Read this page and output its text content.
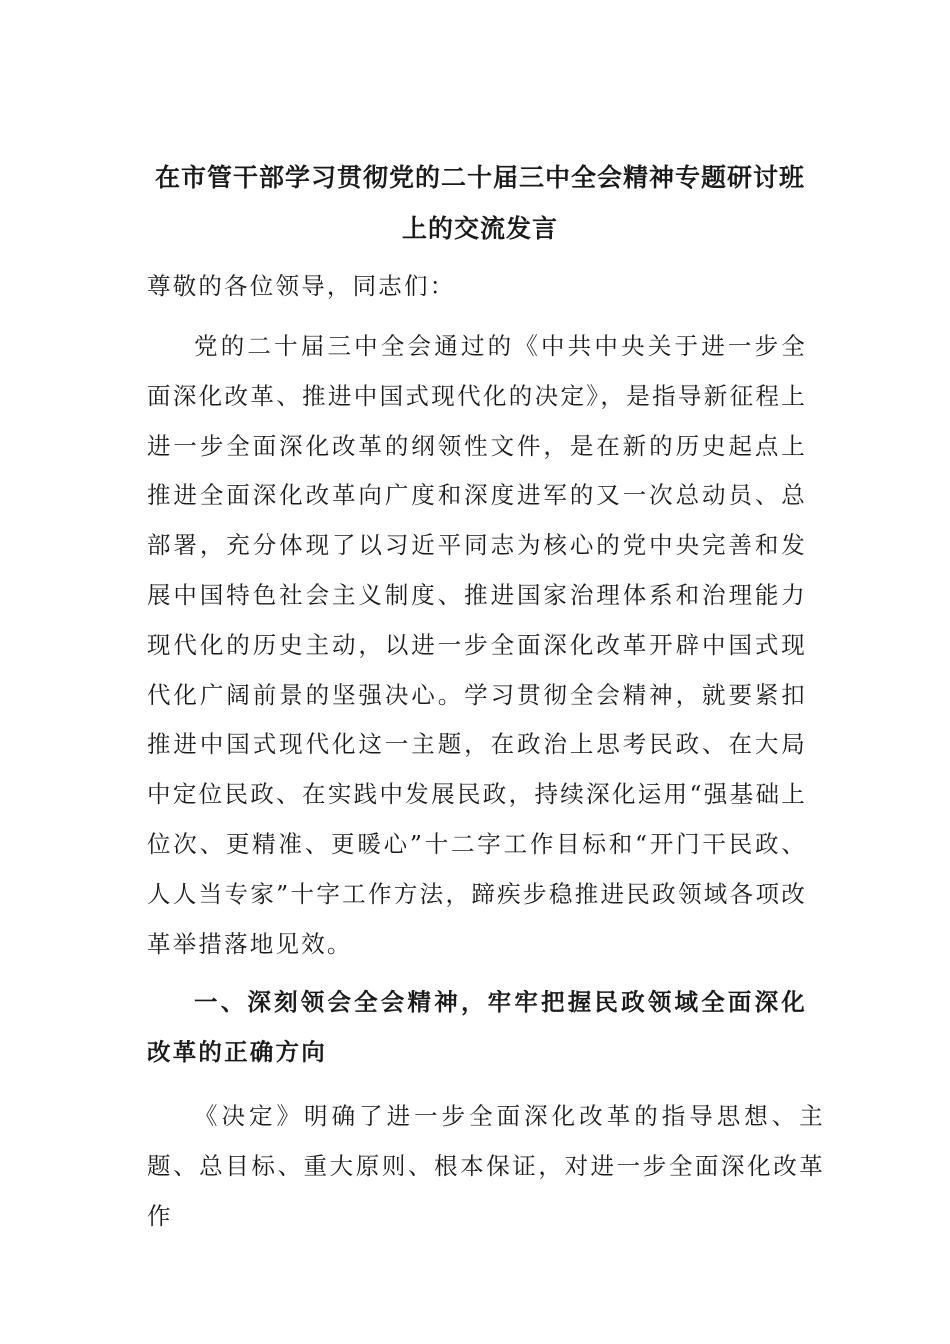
在市管干部学习贯彻党的二十届三中全会精神专题研讨班
上的交流发言
尊敬的各位领导，同志们：
党的二十届三中全会通过的《中共中央关于进一步全面深化改革、推进中国式现代化的决定》，是指导新征程上进一步全面深化改革的纲领性文件，是在新的历史起点上推进全面深化改革向广度和深度进军的又一次总动员、总部署，充分体现了以习近平同志为核心的党中央完善和发展中国特色社会主义制度、推进国家治理体系和治理能力现代化的历史主动，以进一步全面深化改革开辟中国式现代化广阔前景的坚强决心。学习贯彻全会精神，就要紧扣推进中国式现代化这一主题，在政治上思考民政、在大局中定位民政、在实践中发展民政，持续深化运用“强基础上位次、更精准、更暖心”十二字工作目标和“开门干民政、人人当专家”十字工作方法，蹄疾步稳推进民政领域各项改革举措落地见效。
一、深刻领会全会精神，牢牢把握民政领域全面深化改革的正确方向
《决定》明确了进一步全面深化改革的指导思想、主题、总目标、重大原则、根本保证，对进一步全面深化改革作
